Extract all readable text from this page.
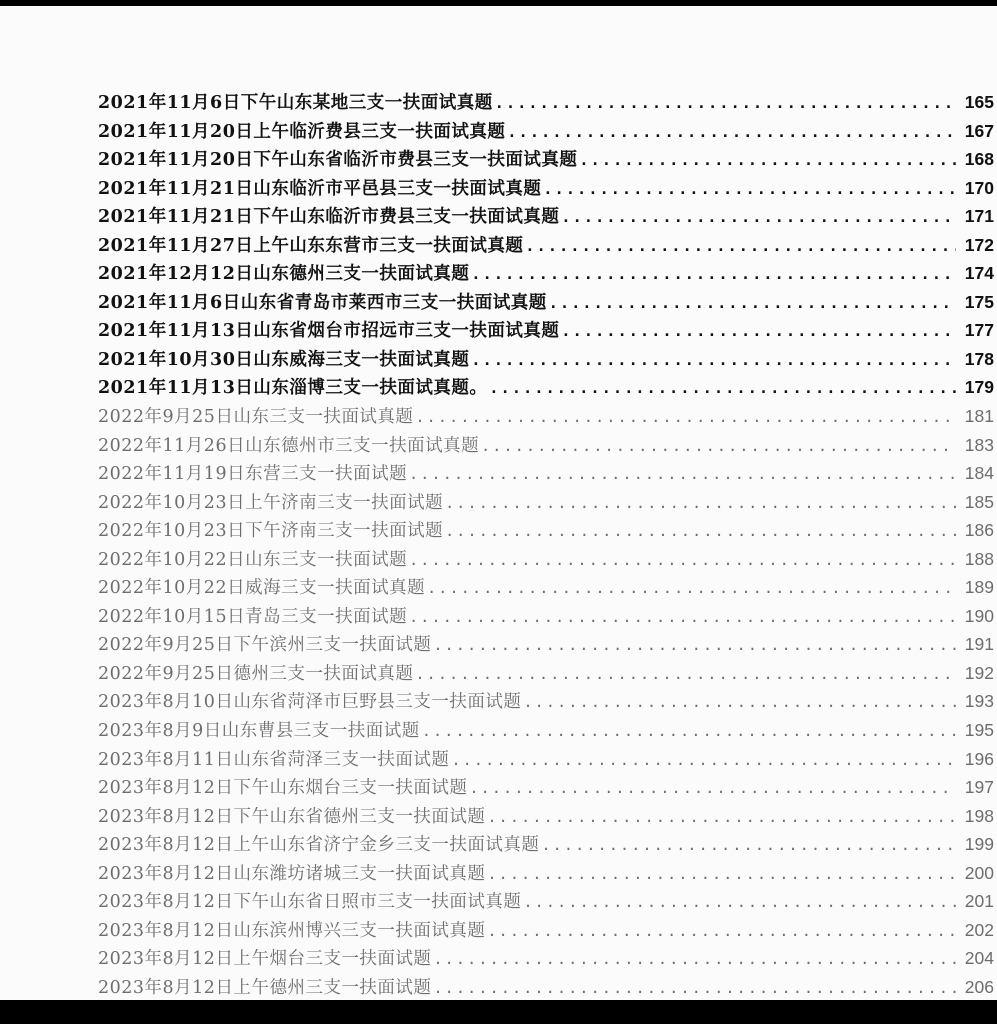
2021年11月6日下午山东某地三支一扶面试真题 .....	165
2021年11月20日上午临沂费县三支一扶面试真题 .....	167
2021年11月20日下午山东省临沂市费县三支一扶面试真题 .....	168
2021年11月21日山东临沂市平邑县三支一扶面试真题 .....	170
2021年11月21日下午山东临沂市费县三支一扶面试真题 .....	171
2021年11月27日上午山东东营市三支一扶面试真题 .....	172
2021年12月12日山东德州三支一扶面试真题 .....	174
2021年11月6日山东省青岛市莱西市三支一扶面试真题 .....	175
2021年11月13日山东省烟台市招远市三支一扶面试真题 .....	177
2021年10月30日山东威海三支一扶面试真题 .....	178
2021年11月13日山东淄博三支一扶面试真题。 .....	179
2022年9月25日山东三支一扶面试真题 .....	181
2022年11月26日山东德州市三支一扶面试真题 .....	183
2022年11月19日东营三支一扶面试题 .....	184
2022年10月23日上午济南三支一扶面试题 .....	185
2022年10月23日下午济南三支一扶面试题 .....	186
2022年10月22日山东三支一扶面试题 .....	188
2022年10月22日威海三支一扶面试真题 .....	189
2022年10月15日青岛三支一扶面试题 .....	190
2022年9月25日下午滨州三支一扶面试题 .....	191
2022年9月25日德州三支一扶面试真题 .....	192
2023年8月10日山东省菏泽市巨野县三支一扶面试题 .....	193
2023年8月9日山东曹县三支一扶面试题 .....	195
2023年8月11日山东省菏泽三支一扶面试题 .....	196
2023年8月12日下午山东烟台三支一扶面试题 .....	197
2023年8月12日下午山东省德州三支一扶面试题 .....	198
2023年8月12日上午山东省济宁金乡三支一扶面试真题 .....	199
2023年8月12日山东潍坊诸城三支一扶面试真题 .....	200
2023年8月12日下午山东省日照市三支一扶面试真题 .....	201
2023年8月12日山东滨州博兴三支一扶面试真题 .....	202
2023年8月12日上午烟台三支一扶面试题 .....	204
2023年8月12日上午德州三支一扶面试题 .....	206
